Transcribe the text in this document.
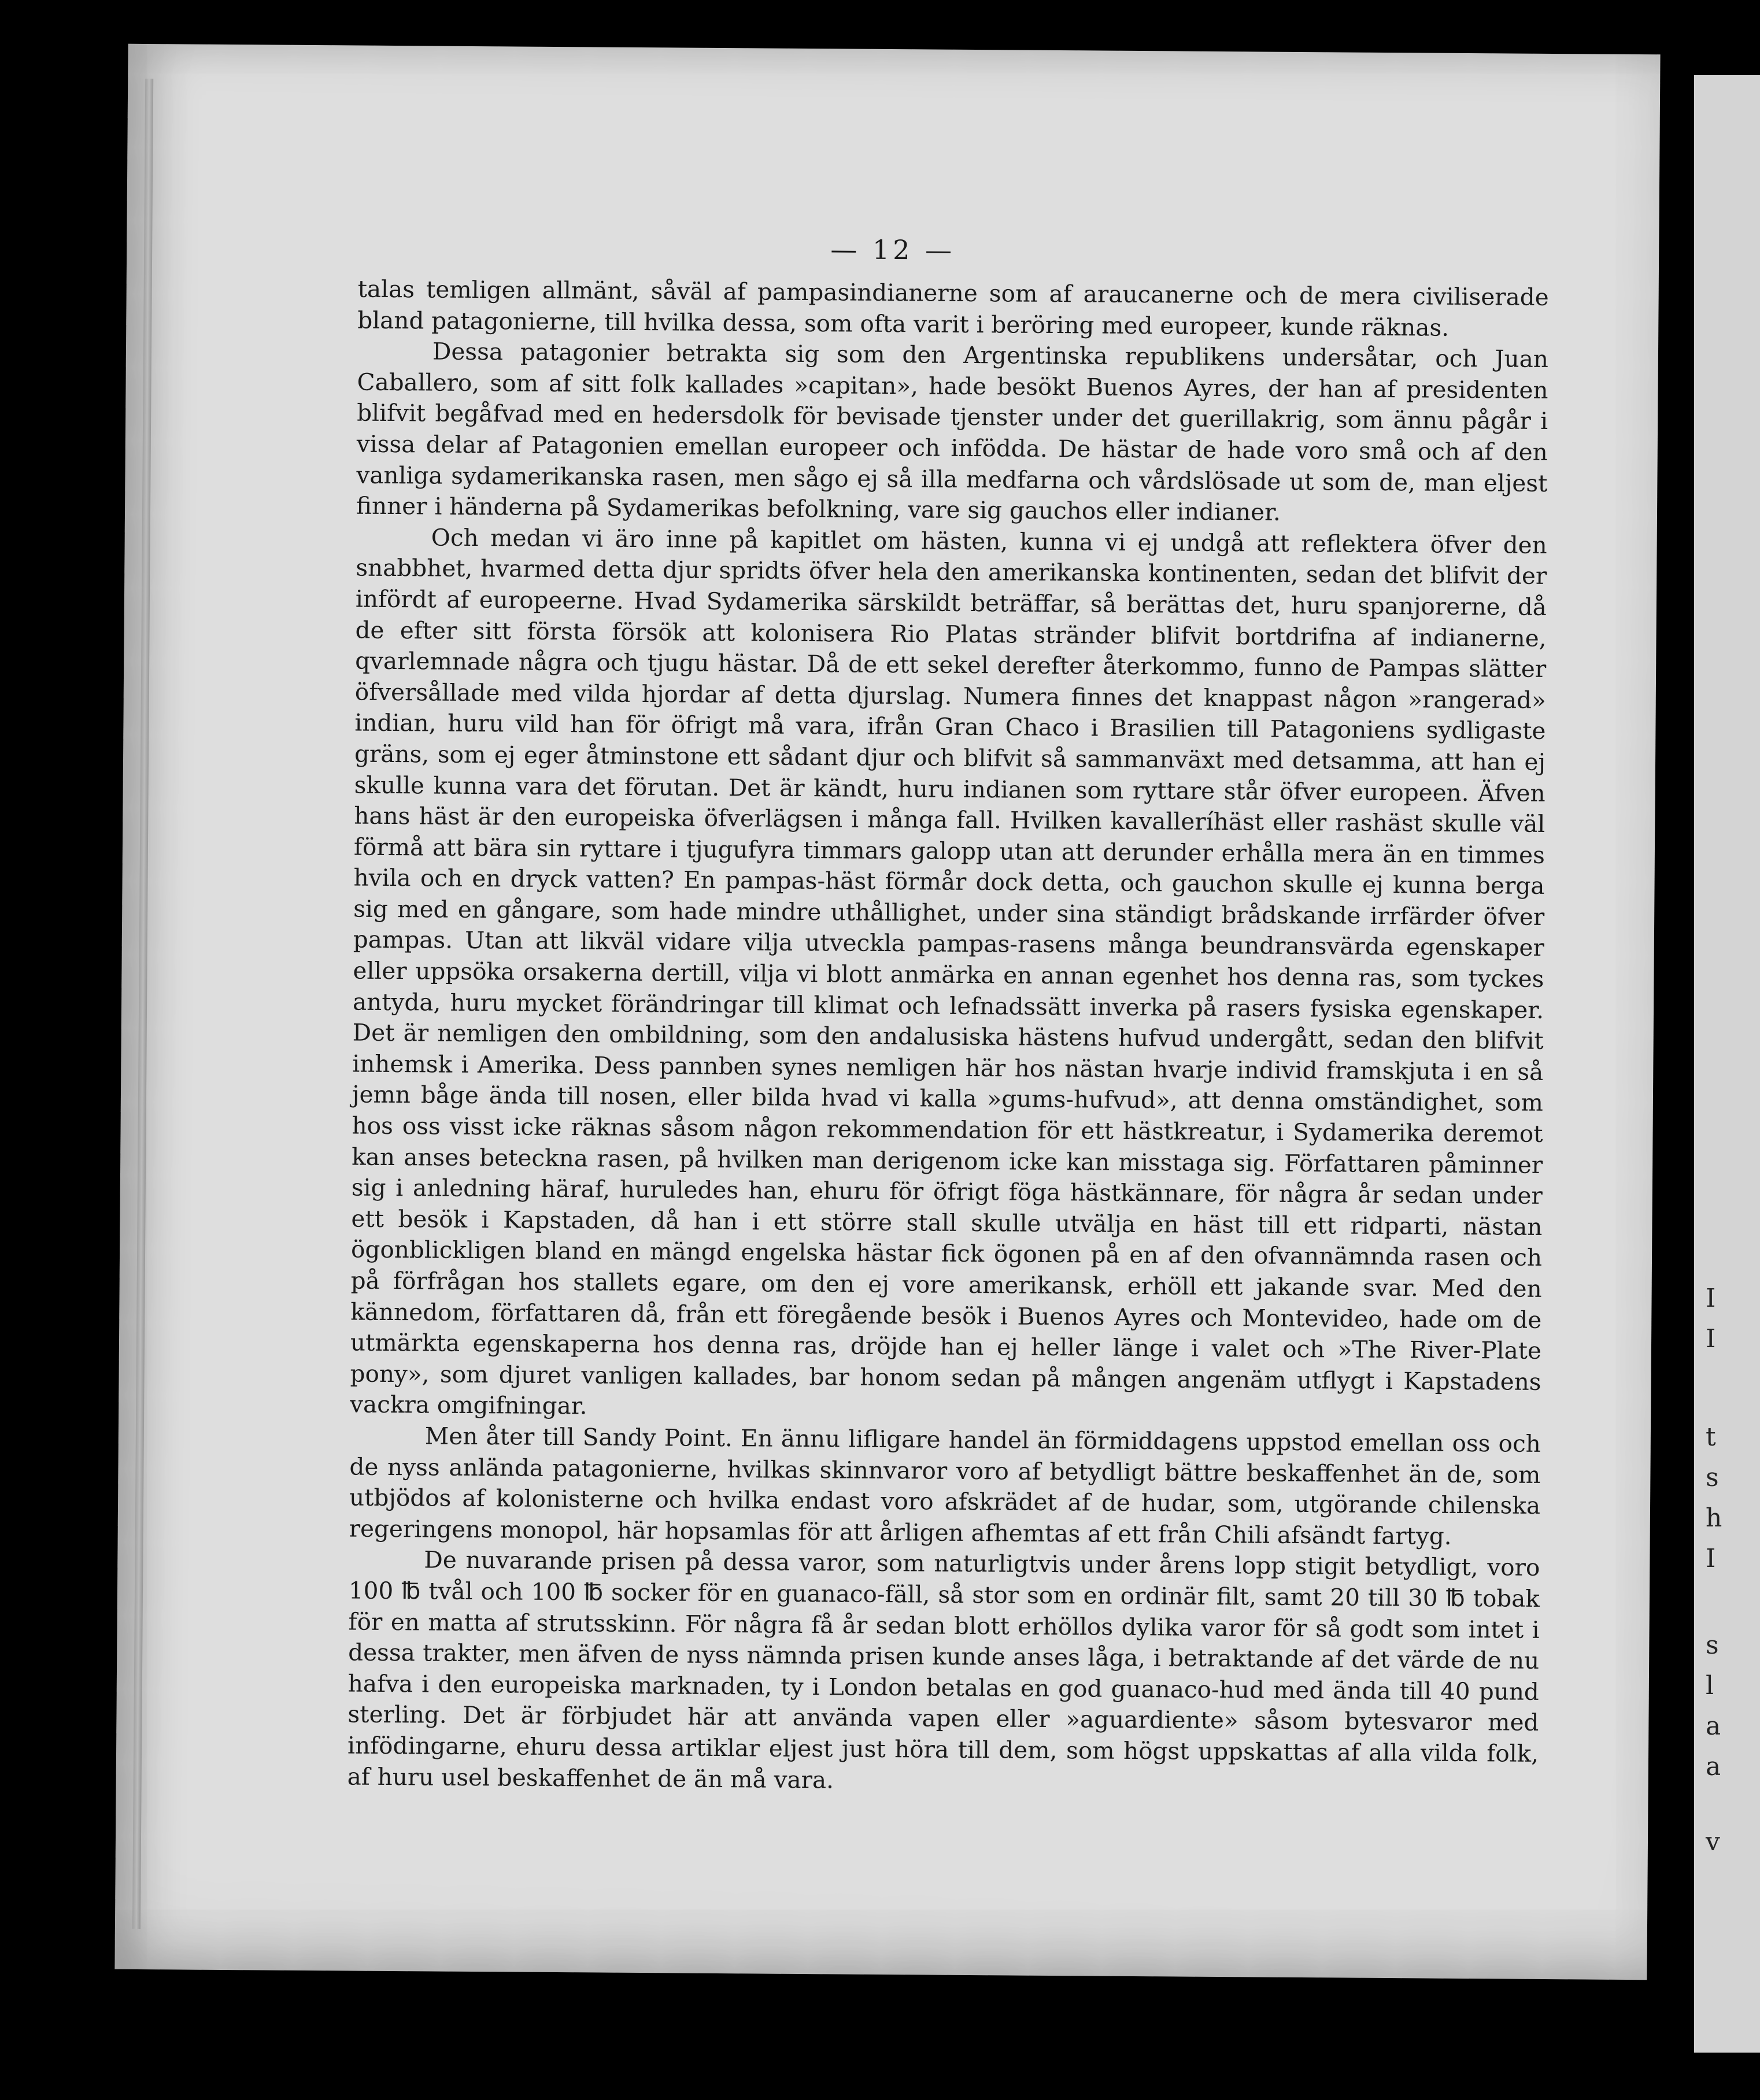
— 12 —

talas temligen allmänt, såväl af pampasindianerne som af araucanerne och de mera civiliserade bland patagonierne, till hvilka dessa, som ofta varit i beröring med europeer, kunde räknas.

Dessa patagonier betrakta sig som den Argentinska republikens undersåtar, och Juan Caballero, som af sitt folk kallades »capitan», hade besökt Buenos Ayres, der han af presidenten blifvit begåfvad med en hedersdolk för bevisade tjenster under det guerillakrig, som ännu pågår i vissa delar af Patagonien emellan europeer och infödda. De hästar de hade voro små och af den vanliga sydamerikanska rasen, men sågo ej så illa medfarna och vårdslösade ut som de, man eljest finner i händerna på Sydamerikas befolkning, vare sig gauchos eller indianer.

Och medan vi äro inne på kapitlet om hästen, kunna vi ej undgå att reflektera öfver den snabbhet, hvarmed detta djur spridts öfver hela den amerikanska kontinenten, sedan det blifvit der infördt af europeerne. Hvad Sydamerika särskildt beträffar, så berättas det, huru spanjorerne, då de efter sitt första försök att kolonisera Rio Platas stränder blifvit bortdrifna af indianerne, qvarlemnade några och tjugu hästar. Då de ett sekel derefter återkommo, funno de Pampas slätter öfversållade med vilda hjordar af detta djurslag. Numera finnes det knappast någon »rangerad» indian, huru vild han för öfrigt må vara, ifrån Gran Chaco i Brasilien till Patagoniens sydligaste gräns, som ej eger åtminstone ett sådant djur och blifvit så sammanväxt med detsamma, att han ej skulle kunna vara det förutan. Det är kändt, huru indianen som ryttare står öfver europeen. Äfven hans häst är den europeiska öfverlägsen i många fall. Hvilken kavalleríhäst eller rashäst skulle väl förmå att bära sin ryttare i tjugufyra timmars galopp utan att derunder erhålla mera än en timmes hvila och en dryck vatten? En pampas-häst förmår dock detta, och gauchon skulle ej kunna berga sig med en gångare, som hade mindre uthållighet, under sina ständigt brådskande irrfärder öfver pampas. Utan att likväl vidare vilja utveckla pampas-rasens många beundransvärda egenskaper eller uppsöka orsakerna dertill, vilja vi blott anmärka en annan egenhet hos denna ras, som tyckes antyda, huru mycket förändringar till klimat och lefnadssätt inverka på rasers fysiska egenskaper. Det är nemligen den ombildning, som den andalusiska hästens hufvud undergått, sedan den blifvit inhemsk i Amerika. Dess pannben synes nemligen här hos nästan hvarje individ framskjuta i en så jemn båge ända till nosen, eller bilda hvad vi kalla »gums-hufvud», att denna omständighet, som hos oss visst icke räknas såsom någon rekommendation för ett hästkreatur, i Sydamerika deremot kan anses beteckna rasen, på hvilken man derigenom icke kan misstaga sig. Författaren påminner sig i anledning häraf, huruledes han, ehuru för öfrigt föga hästkännare, för några år sedan under ett besök i Kapstaden, då han i ett större stall skulle utvälja en häst till ett ridparti, nästan ögonblickligen bland en mängd engelska hästar fick ögonen på en af den ofvannämnda rasen och på förfrågan hos stallets egare, om den ej vore amerikansk, erhöll ett jakande svar. Med den kännedom, författaren då, från ett föregående besök i Buenos Ayres och Montevideo, hade om de utmärkta egenskaperna hos denna ras, dröjde han ej heller länge i valet och »The River-Plate pony», som djuret vanligen kallades, bar honom sedan på mången angenäm utflygt i Kapstadens vackra omgifningar.

Men åter till Sandy Point. En ännu lifligare handel än förmiddagens uppstod emellan oss och de nyss anlända patagonierne, hvilkas skinnvaror voro af betydligt bättre beskaffenhet än de, som utbjödos af kolonisterne och hvilka endast voro afskrädet af de hudar, som, utgörande chilenska regeringens monopol, här hopsamlas för att årligen afhemtas af ett från Chili afsändt fartyg.

De nuvarande prisen på dessa varor, som naturligtvis under årens lopp stigit betydligt, voro 100 ℔ tvål och 100 ℔ socker för en guanaco-fäll, så stor som en ordinär filt, samt 20 till 30 ℔ tobak för en matta af strutsskinn. För några få år sedan blott erhöllos dylika varor för så godt som intet i dessa trakter, men äfven de nyss nämnda prisen kunde anses låga, i betraktande af det värde de nu hafva i den europeiska marknaden, ty i London betalas en god guanaco-hud med ända till 40 pund sterling. Det är förbjudet här att använda vapen eller »aguardiente» såsom bytesvaror med infödingarne, ehuru dessa artiklar eljest just höra till dem, som högst uppskattas af alla vilda folk, af huru usel beskaffenhet de än må vara.

I
I
t
s
h
I
s
l
a
a
v
